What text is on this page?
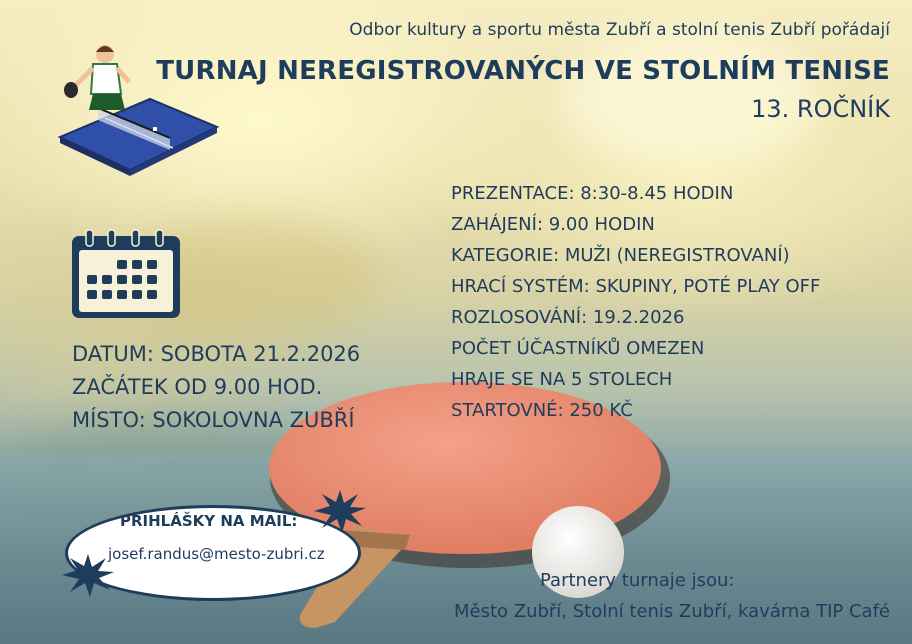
Odbor kultury a sportu města Zubří a stolní tenis Zubří pořádají
TURNAJ NEREGISTROVANÝCH VE STOLNÍM TENISE
13. ROČNÍK
DATUM: SOBOTA 21.2.2026
ZAČÁTEK OD 9.00 HOD.
MÍSTO: SOKOLOVNA ZUBŘÍ
PREZENTACE: 8:30-8.45 HODIN
ZAHÁJENÍ: 9.00 HODIN
KATEGORIE: MUŽI (NEREGISTROVANÍ)
HRACÍ SYSTÉM: SKUPINY, POTÉ PLAY OFF
ROZLOSOVÁNÍ: 19.2.2026
POČET ÚČASTNÍKŮ OMEZEN
HRAJE SE NA 5 STOLECH
STARTOVNÉ: 250 KČ
PŘIHLÁŠKY NA MAIL:
josef.randus@mesto-zubri.cz
Partnery turnaje jsou:
Město Zubří, Stolní tenis Zubří, kavárna TIP Café
